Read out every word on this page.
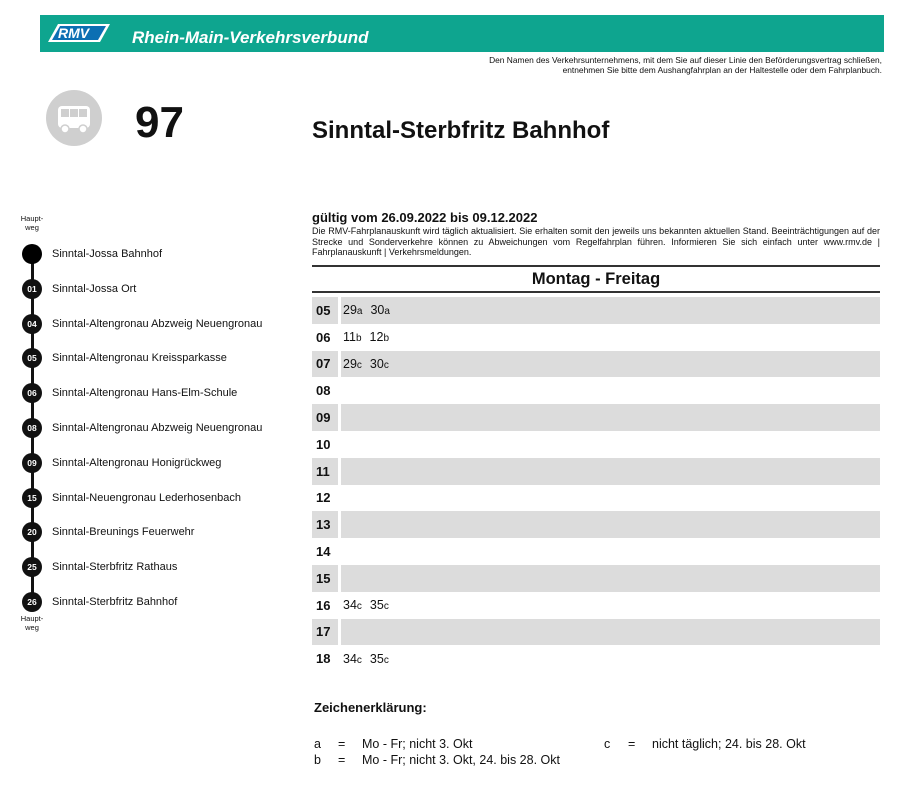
RMV	Rhein-Main-Verkehrsverbund
Den Namen des Verkehrsunternehmens, mit dem Sie auf dieser Linie den Beförderungsvertrag schließen,
entnehmen Sie bitte dem Aushangfahrplan an der Haltestelle oder dem Fahrplanbuch.
97	Sinntal-Sterbfritz Bahnhof
Haupt-
weg
Sinntal-Jossa Bahnhof
01	Sinntal-Jossa Ort
04	Sinntal-Altengronau Abzweig Neuengronau
05	Sinntal-Altengronau Kreissparkasse
06	Sinntal-Altengronau Hans-Elm-Schule
08	Sinntal-Altengronau Abzweig Neuengronau
09	Sinntal-Altengronau Honigrückweg
15	Sinntal-Neuengronau Lederhosenbach
20	Sinntal-Breunings Feuerwehr
25	Sinntal-Sterbfritz Rathaus
26	Sinntal-Sterbfritz Bahnhof
Haupt-
weg
gültig vom 26.09.2022 bis 09.12.2022
Die RMV-Fahrplanauskunft wird täglich aktualisiert. Sie erhalten somit den jeweils uns bekannten aktuellen Stand. Beeinträchtigungen auf der Strecke und Sonderverkehre können zu Abweichungen vom Regelfahrplan führen. Informieren Sie sich einfach unter www.rmv.de | Fahrplanauskunft | Verkehrsmeldungen.
Montag - Freitag
05	29a 30a
06	11b 12b
07	29c 30c
08
09
10
11
12
13
14
15
16	34c 35c
17
18	34c 35c
Zeichenerklärung:
a = Mo - Fr; nicht 3. Okt
b = Mo - Fr; nicht 3. Okt, 24. bis 28. Okt
c = nicht täglich; 24. bis 28. Okt
